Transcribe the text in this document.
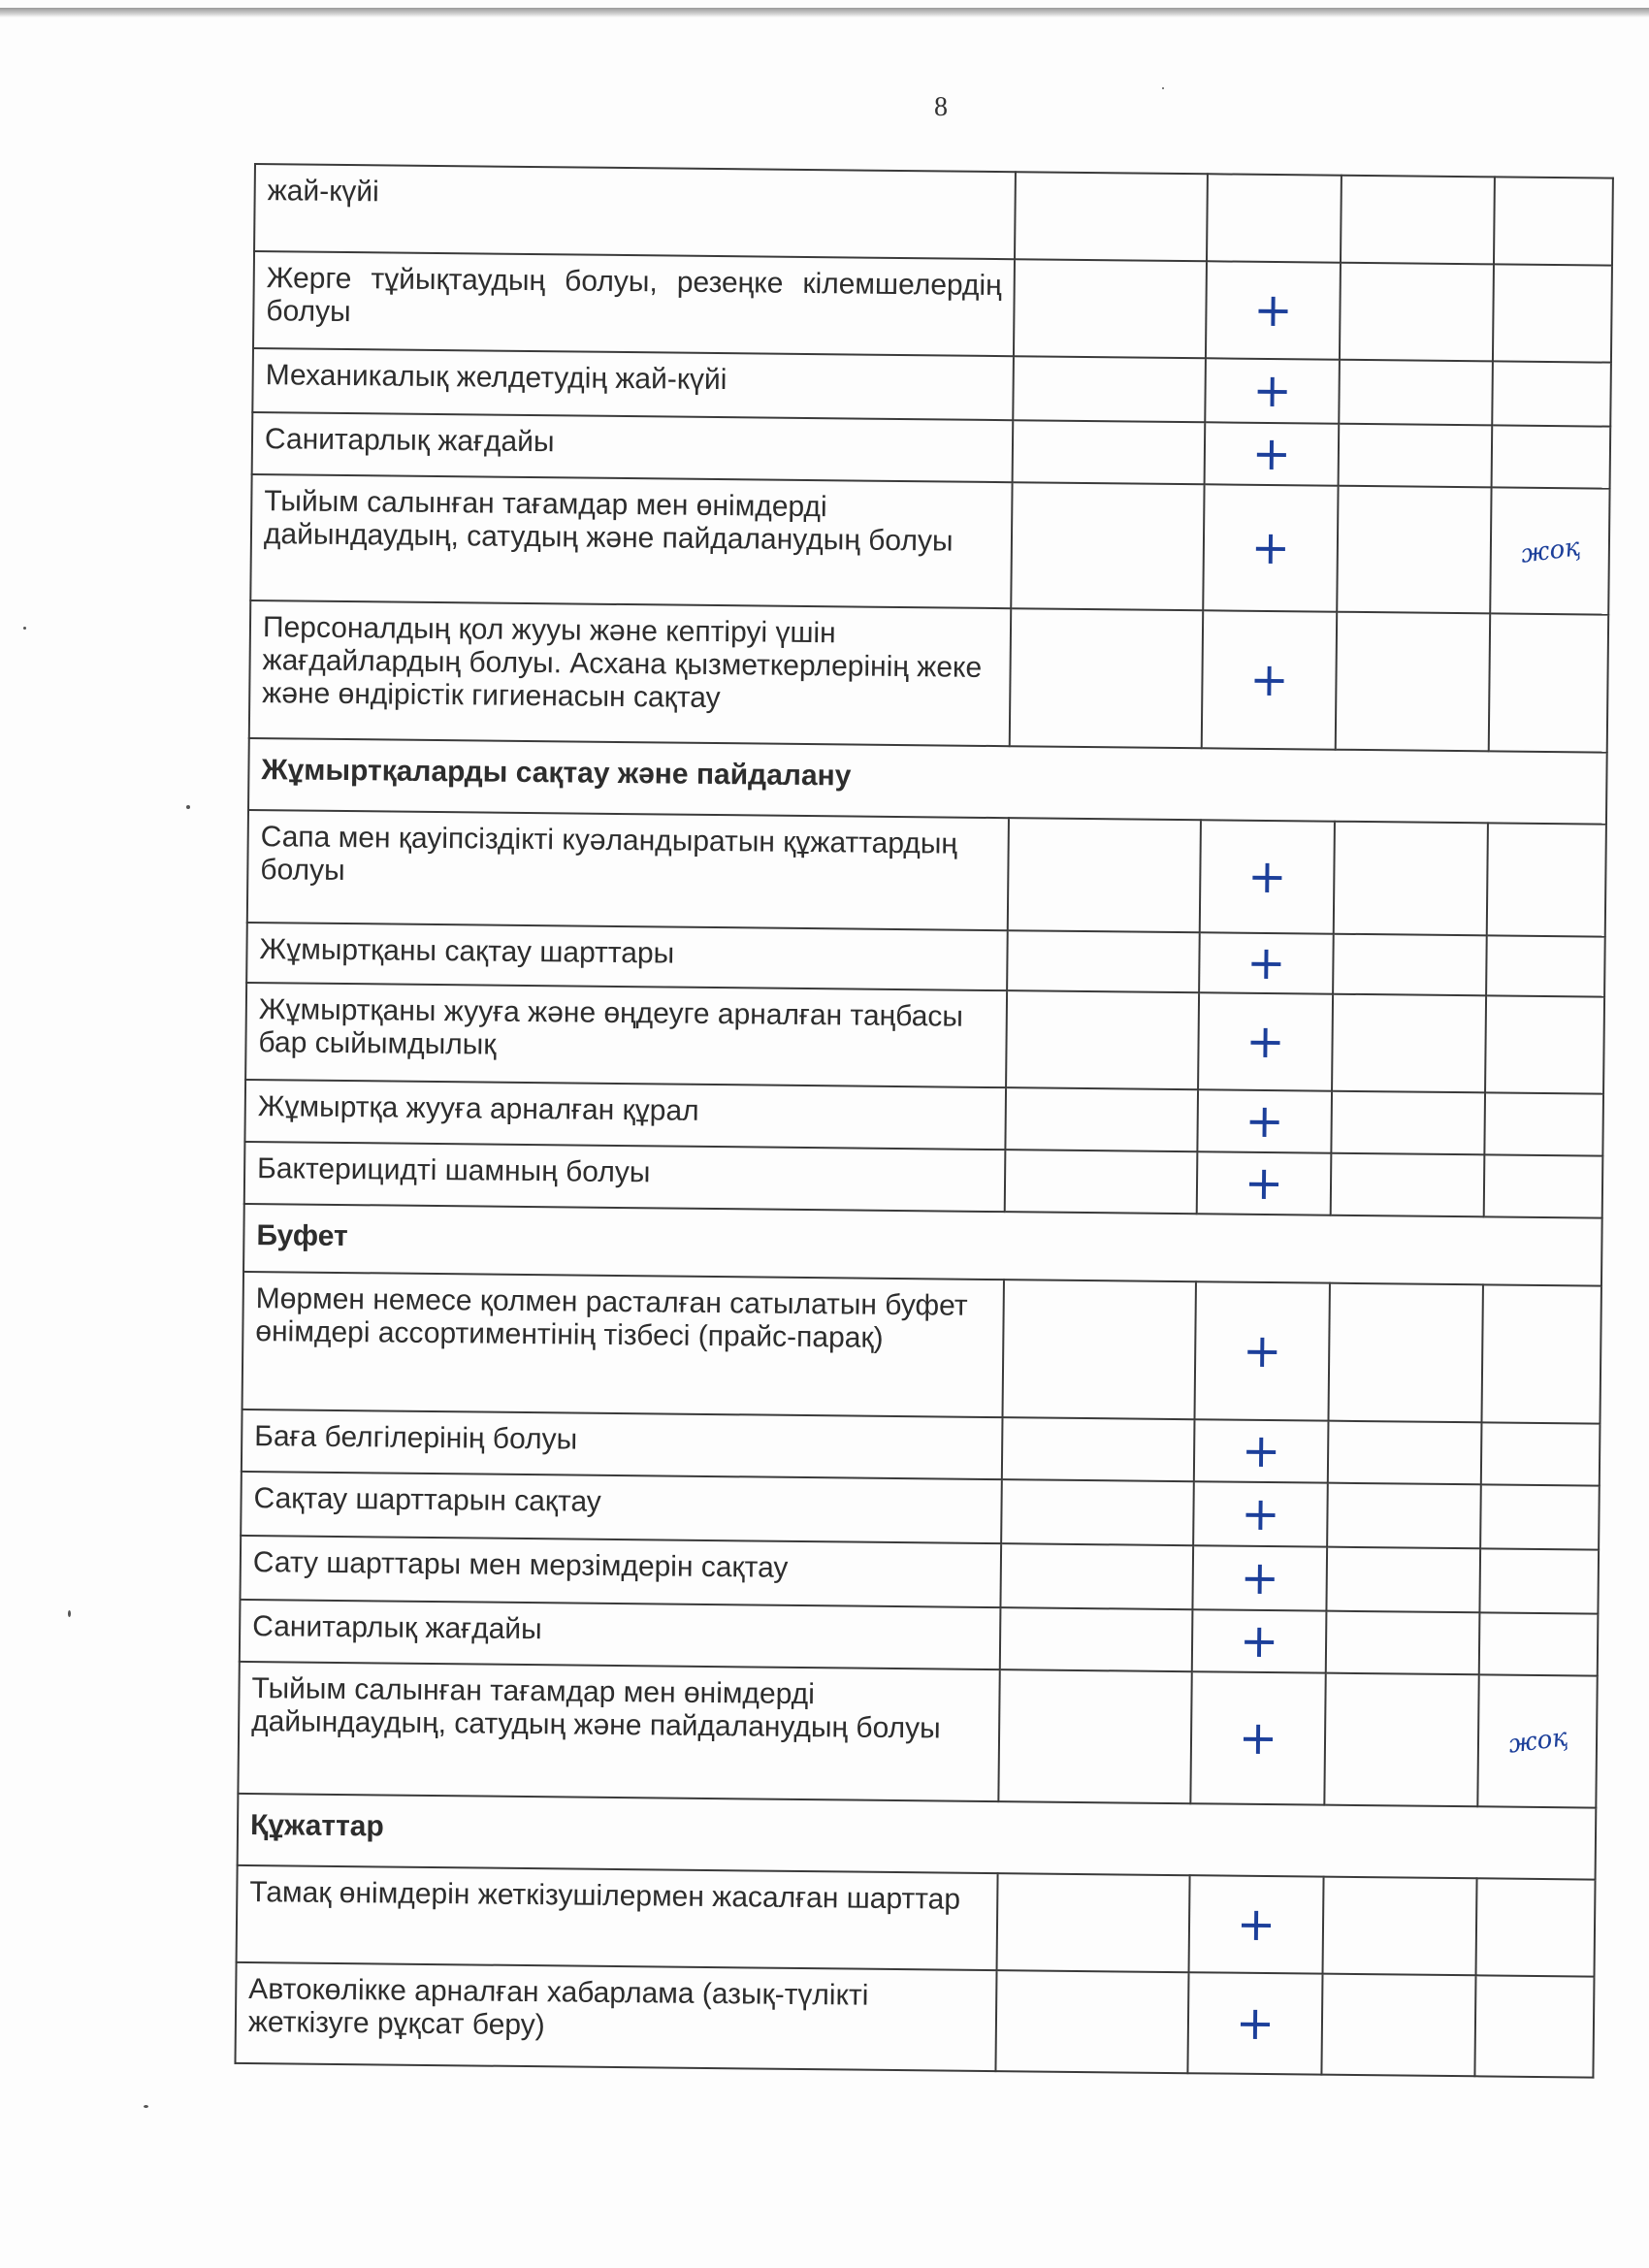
8
жай-күйі				

Жерге тұйықтаудың болуы, резеңке кілемшелердің болуы		+		

Механикалық желдетудің жай-күйі		+		

Санитарлық жағдайы		+		

Тыйым салынған тағамдар мен өнімдерді дайындаудың, сатудың және пайдаланудың болуы		+		жоқ

Персоналдың қол жууы және кептіруі үшін жағдайлардың болуы. Асхана қызметкерлерінің жеке және өндірістік гигиенасын сақтау		+		

Жұмыртқаларды сақтау және пайдалану				

Сапа мен қауіпсіздікті куәландыратын құжаттардың болуы		+		

Жұмыртқаны сақтау шарттары		+		

Жұмыртқаны жууға және өңдеуге арналған таңбасы бар сыйымдылық		+		

Жұмыртқа жууға арналған құрал		+		

Бактерицидті шамның болуы		+		

Буфет				

Мөрмен немесе қолмен расталған сатылатын буфет өнімдері ассортиментінің тізбесі (прайс-парақ)		+		

Баға белгілерінің болуы		+		

Сақтау шарттарын сақтау		+		

Сату шарттары мен мерзімдерін сақтау		+		

Санитарлық жағдайы		+		

Тыйым салынған тағамдар мен өнімдерді дайындаудың, сатудың және пайдаланудың болуы		+		жоқ

Құжаттар				

Тамақ өнімдерін жеткізушілермен жасалған шарттар		+		

Автокөлікке арналған хабарлама (азық-түлікті жеткізуге рұқсат беру)		+		
